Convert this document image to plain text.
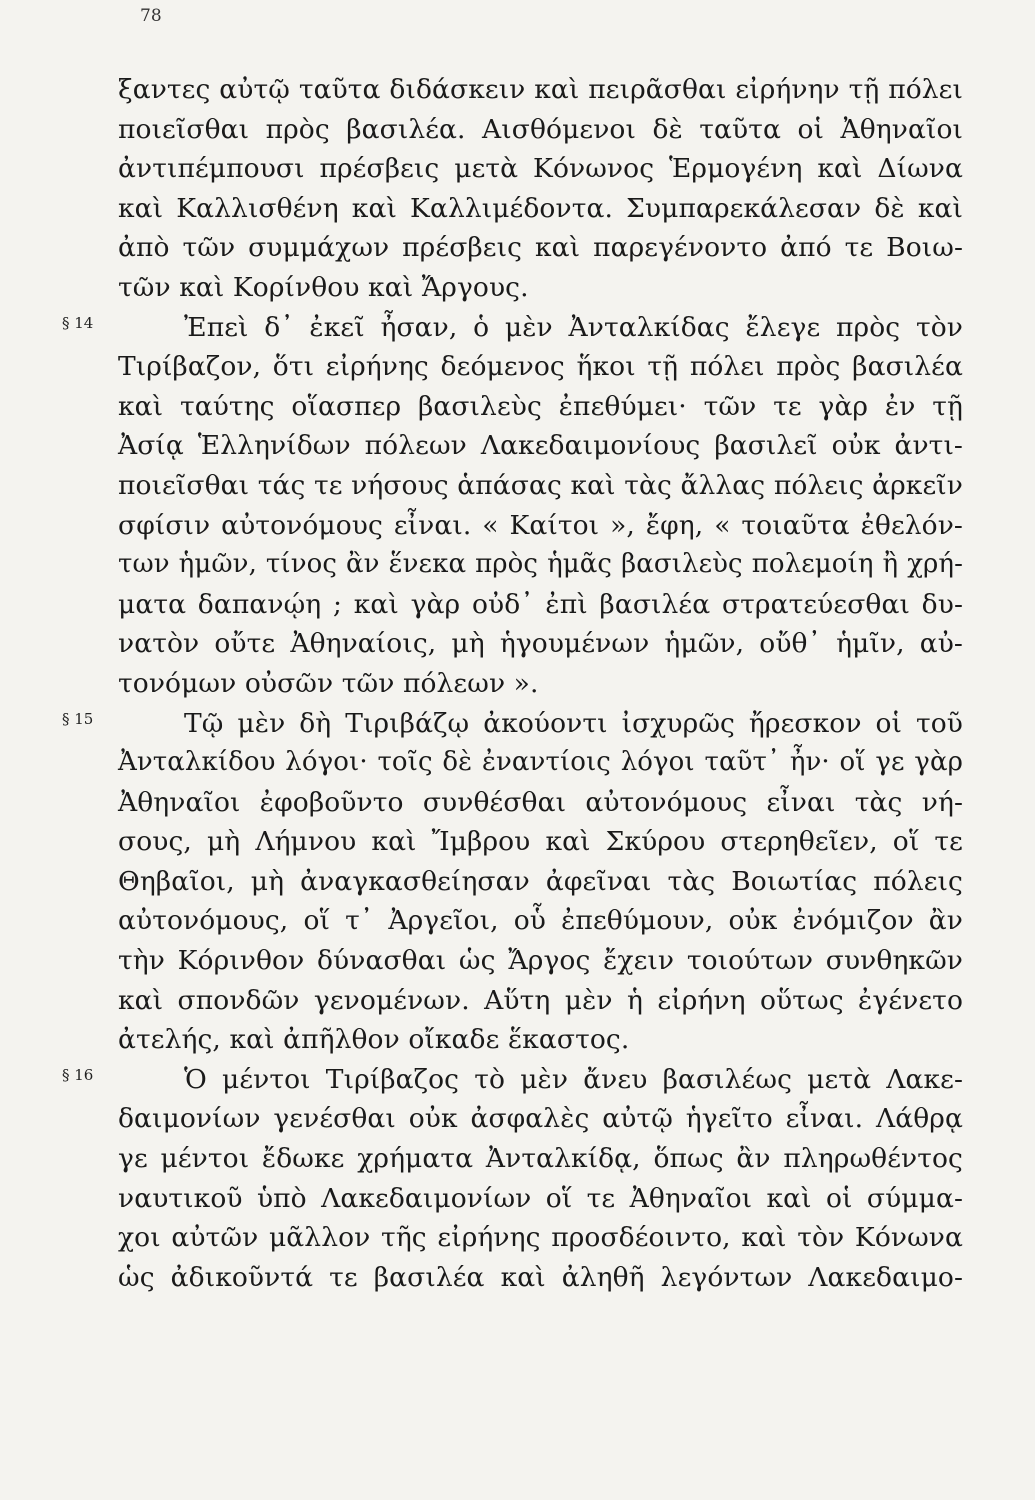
78
ξαντες αὐτῷ ταῦτα διδάσκειν καὶ πειρᾶσθαι εἰρήνην τῇ πόλει
ποιεῖσθαι πρὸς βασιλέα. Αισθόμενοι δὲ ταῦτα οἱ Ἀθηναῖοι
ἀντιπέμπουσι πρέσβεις μετὰ Κόνωνος Ἑρμογένη καὶ Δίωνα
καὶ Καλλισθένη καὶ Καλλιμέδοντα. Συμπαρεκάλεσαν δὲ καὶ
ἀπὸ τῶν συμμάχων πρέσβεις καὶ παρεγένοντο ἀπό τε Βοιω-
τῶν καὶ Κορίνθου καὶ Ἄργους.
§ 14	Ἐπεὶ δ᾽ ἐκεῖ ἦσαν, ὁ μὲν Ἀνταλκίδας ἔλεγε πρὸς τὸν
Τιρίβαζον, ὅτι εἰρήνης δεόμενος ἥκοι τῇ πόλει πρὸς βασιλέα
καὶ ταύτης οἵασπερ βασιλεὺς ἐπεθύμει· τῶν τε γὰρ ἐν τῇ
Ἀσίᾳ Ἑλληνίδων πόλεων Λακεδαιμονίους βασιλεῖ οὐκ ἀντι-
ποιεῖσθαι τάς τε νήσους ἁπάσας καὶ τὰς ἄλλας πόλεις ἀρκεῖν
σφίσιν αὐτονόμους εἶναι. « Καίτοι », ἔφη, « τοιαῦτα ἐθελόν-
των ἡμῶν, τίνος ἂν ἕνεκα πρὸς ἡμᾶς βασιλεὺς πολεμοίη ἢ χρή-
ματα δαπανῴη ; καὶ γὰρ οὐδ᾽ ἐπὶ βασιλέα στρατεύεσθαι δυ-
νατὸν οὔτε Ἀθηναίοις, μὴ ἡγουμένων ἡμῶν, οὔθ᾽ ἡμῖν, αὐ-
τονόμων οὐσῶν τῶν πόλεων ».
§ 15	Τῷ μὲν δὴ Τιριβάζῳ ἀκούοντι ἰσχυρῶς ἤρεσκον οἱ τοῦ
Ἀνταλκίδου λόγοι· τοῖς δὲ ἐναντίοις λόγοι ταῦτ᾽ ἦν· οἵ γε γὰρ
Ἀθηναῖοι ἐφοβοῦντο συνθέσθαι αὐτονόμους εἶναι τὰς νή-
σους, μὴ Λήμνου καὶ Ἴμβρου καὶ Σκύρου στερηθεῖεν, οἵ τε
Θηβαῖοι, μὴ ἀναγκασθείησαν ἀφεῖναι τὰς Βοιωτίας πόλεις
αὐτονόμους, οἵ τ᾽ Ἀργεῖοι, οὗ ἐπεθύμουν, οὐκ ἐνόμιζον ἂν
τὴν Κόρινθον δύνασθαι ὡς Ἄργος ἔχειν τοιούτων συνθηκῶν
καὶ σπονδῶν γενομένων. Αὕτη μὲν ἡ εἰρήνη οὕτως ἐγένετο
ἀτελής, καὶ ἀπῆλθον οἴκαδε ἕκαστος.
§ 16	Ὁ μέντοι Τιρίβαζος τὸ μὲν ἄνευ βασιλέως μετὰ Λακε-
δαιμονίων γενέσθαι οὐκ ἀσφαλὲς αὐτῷ ἡγεῖτο εἶναι. Λάθρᾳ
γε μέντοι ἔδωκε χρήματα Ἀνταλκίδᾳ, ὅπως ἂν πληρωθέντος
ναυτικοῦ ὑπὸ Λακεδαιμονίων οἵ τε Ἀθηναῖοι καὶ οἱ σύμμα-
χοι αὐτῶν μᾶλλον τῆς εἰρήνης προσδέοιντο, καὶ τὸν Κόνωνα
ὡς ἀδικοῦντά τε βασιλέα καὶ ἀληθῆ λεγόντων Λακεδαιμο-
